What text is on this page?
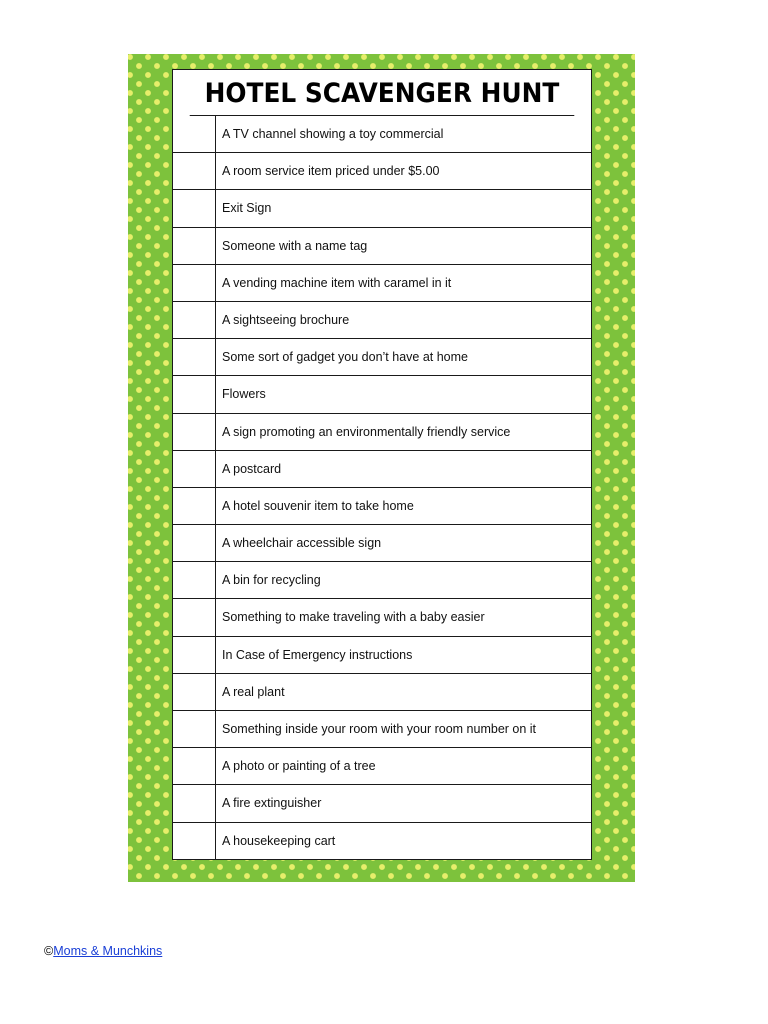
HOTEL SCAVENGER HUNT
A TV channel showing a toy commercial
A room service item priced under $5.00
Exit Sign
Someone with a name tag
A vending machine item with caramel in it
A sightseeing brochure
Some sort of gadget you don’t have at home
Flowers
A sign promoting an environmentally friendly service
A postcard
A hotel souvenir item to take home
A wheelchair accessible sign
A bin for recycling
Something to make traveling with a baby easier
In Case of Emergency instructions
A real plant
Something inside your room with your room number on it
A photo or painting of a tree
A fire extinguisher
A housekeeping cart
©Moms & Munchkins
